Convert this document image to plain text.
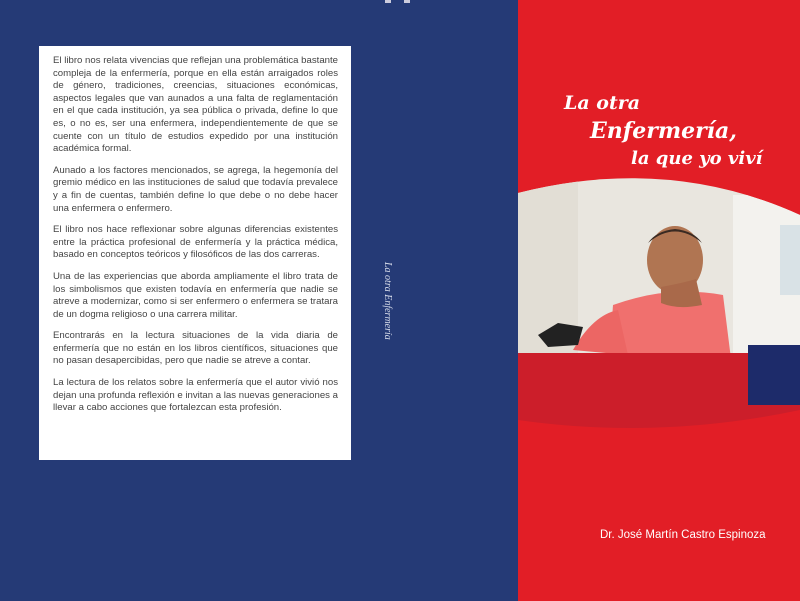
El libro nos relata vivencias que reflejan una problemática bastante compleja de la enfermería, porque en ella están arraigados roles de género, tradiciones, creencias, situaciones económicas, aspectos legales que van aunados a una falta de reglamentación en el que cada institución, ya sea pública o privada, define lo que es, o no es, ser una enfermera, independientemente de que se cuente con un título de estudios expedido por una institución académica formal.

Aunado a los factores mencionados, se agrega, la hegemonía del gremio médico en las instituciones de salud que todavía prevalece y a fin de cuentas, también define lo que debe o no debe hacer una enfermera o enfermero.

El libro nos hace reflexionar sobre algunas diferencias existentes entre la práctica profesional de enfermería y la práctica médica, basado en conceptos teóricos y filosóficos de las dos carreras.

Una de las experiencias que aborda ampliamente el libro trata de los simbolismos que existen todavía en enfermería que nadie se atreve a modernizar, como si ser enfermero o enfermera se tratara de un dogma religioso o una carrera militar.

Encontrarás en la lectura situaciones de la vida diaria de enfermería que no están en los libros científicos, situaciones que no pasan desapercibidas, pero que nadie se atreve a contar.

La lectura de los relatos sobre la enfermería que el autor vivió nos dejan una profunda reflexión e invitan a las nuevas generaciones a llevar a cabo acciones que fortalezcan esta profesión.

La otra Enfermería
La otra
Enfermería,
la que yo viví
Dr. José Martín Castro Espinoza
